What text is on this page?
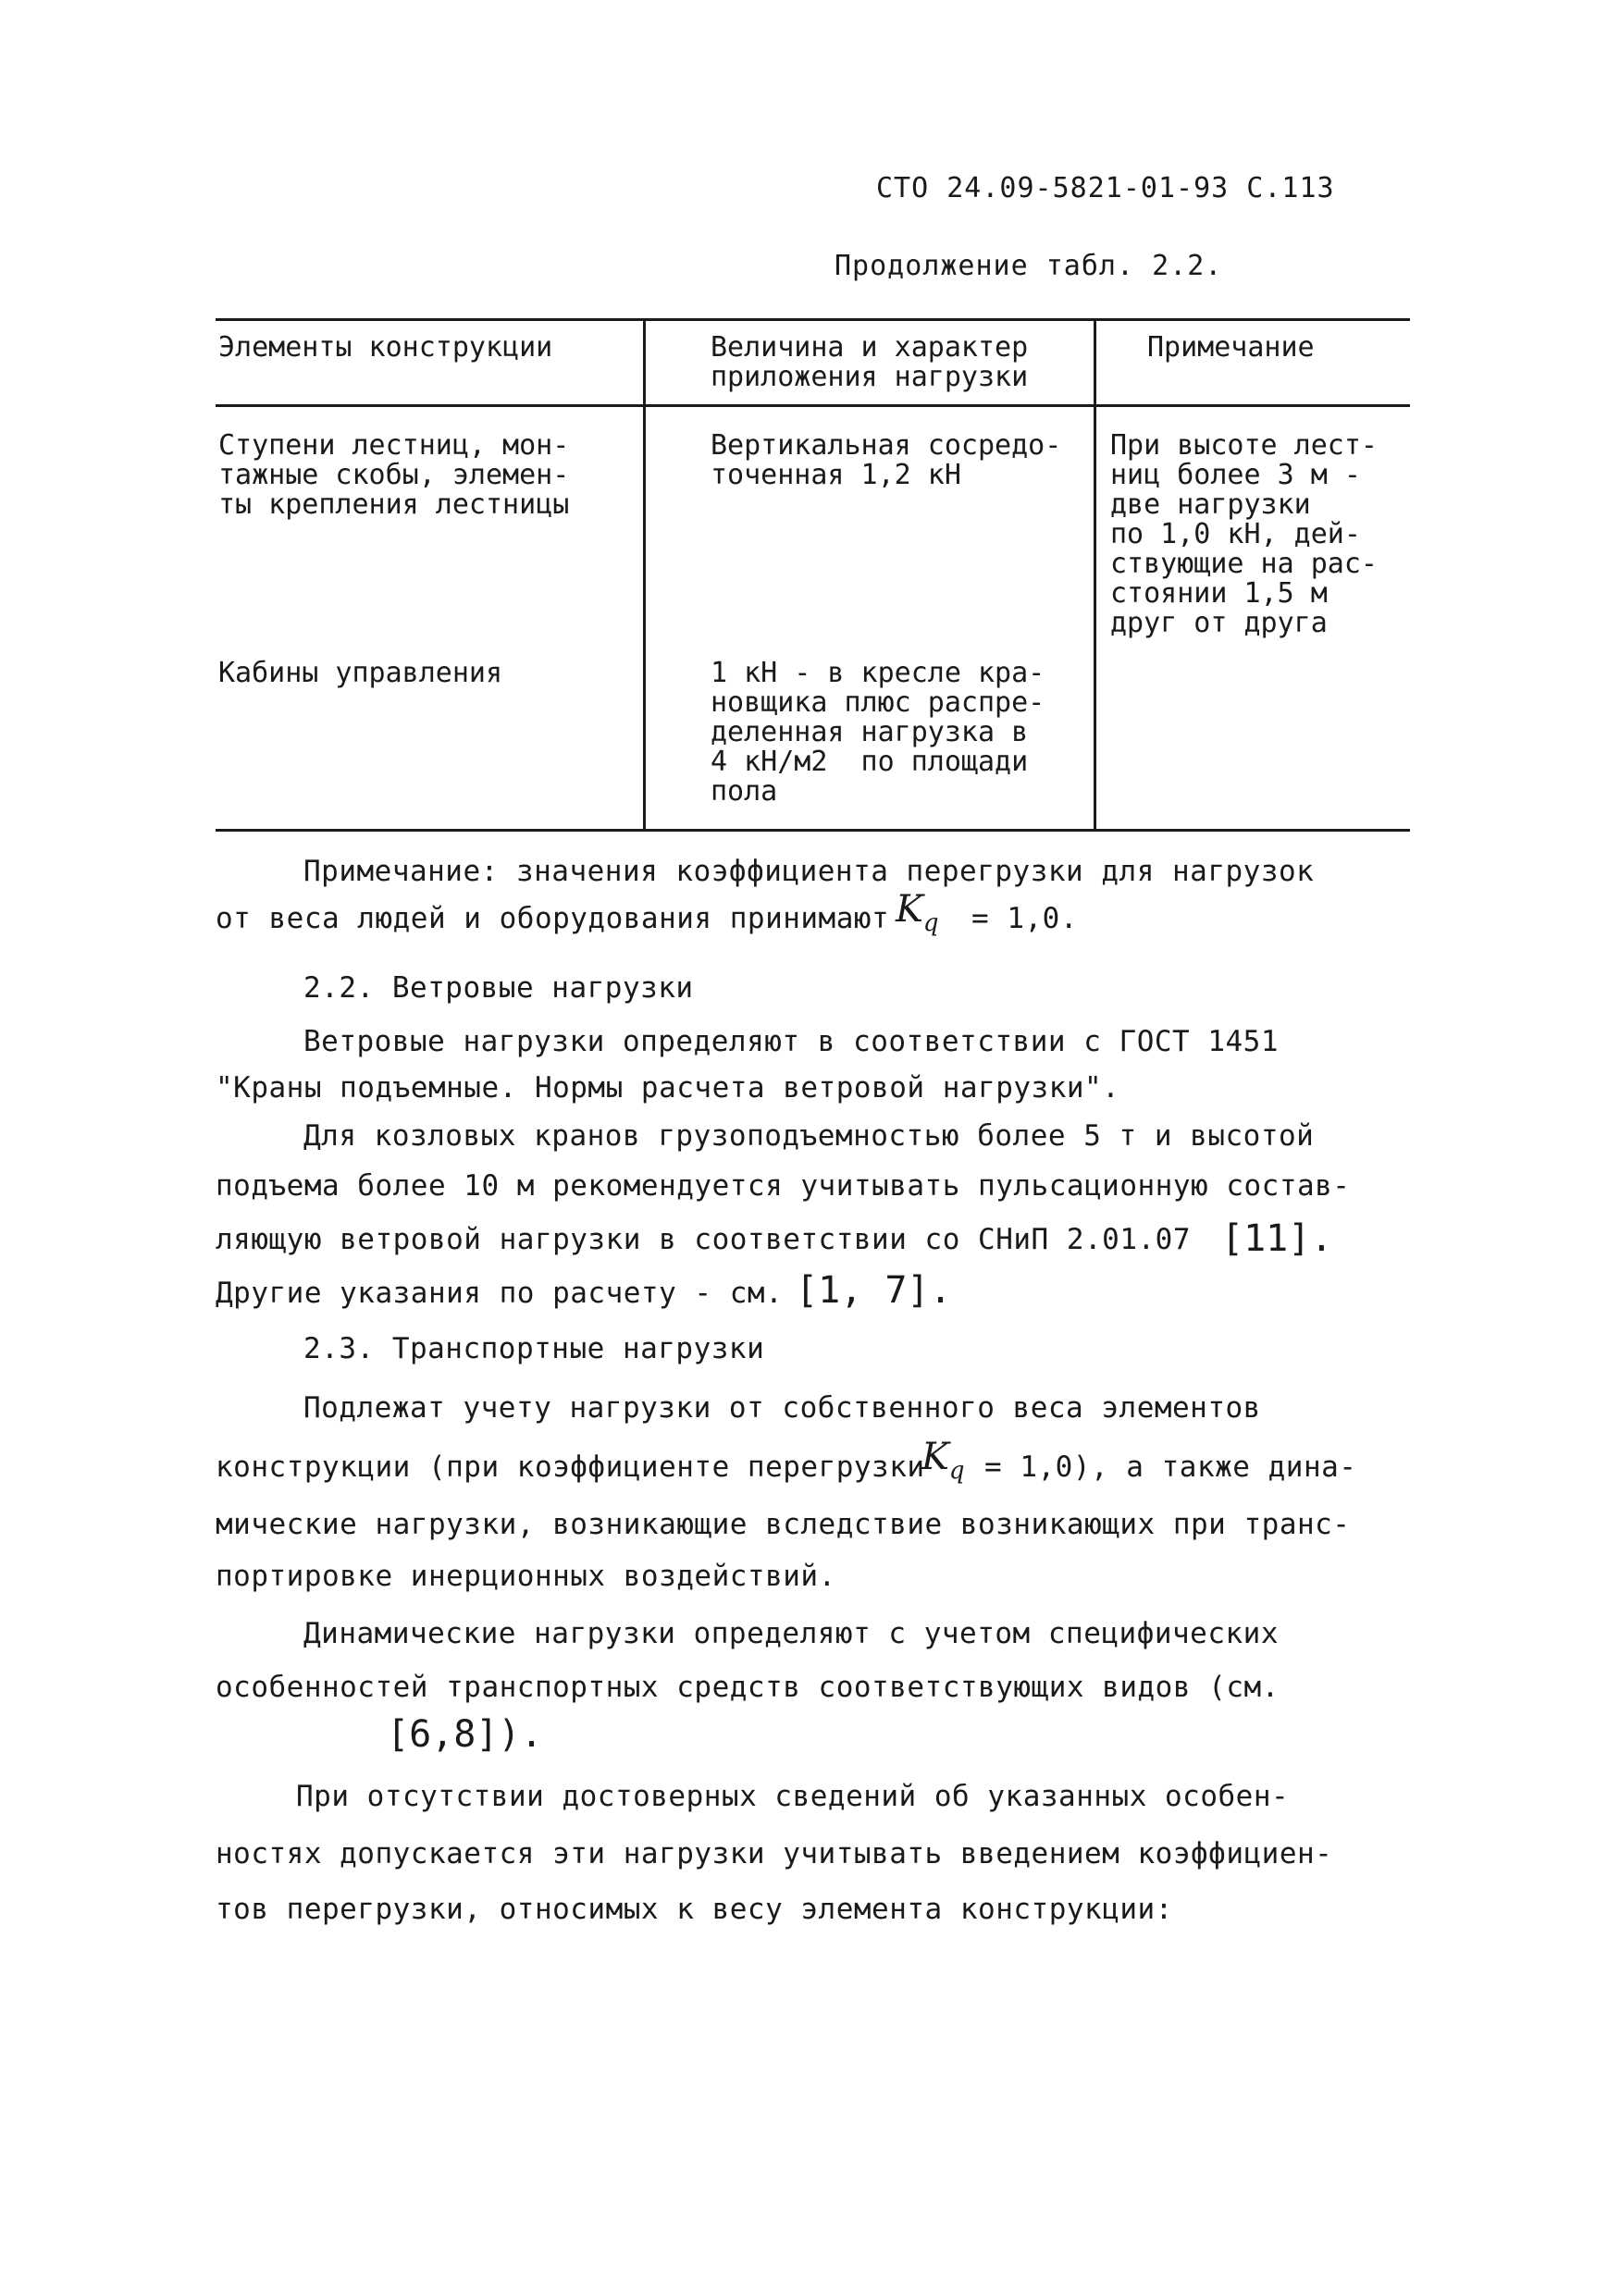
СТО 24.09-5821-01-93 С.113
Продолжение табл. 2.2.
Элементы конструкции	Величина и характер
приложения нагрузки
Примечание
Ступени лестниц, мон-
тажные скобы, элемен-
ты крепления лестницы
Вертикальная сосредо-
точенная 1,2 кН
При высоте лест-
ниц более 3 м -
две нагрузки
по 1,0 кН, дей-
ствующие на рас-
стоянии 1,5 м
друг от друга
Кабины управления	1 кН - в кресле кра-
новщика плюс распре-
деленная нагрузка в
4 кН/м2  по площади
пола
Примечание: значения коэффициента перегрузки для нагрузок
от веса людей и оборудования принимают Kq = 1,0.
2.2. Ветровые нагрузки
Ветровые нагрузки определяют в соответствии с ГОСТ 1451
"Краны подъемные. Нормы расчета ветровой нагрузки".
Для козловых кранов грузоподъемностью более 5 т и высотой
подъема более 10 м рекомендуется учитывать пульсационную состав-
ляющую ветровой нагрузки в соответствии со СНиП 2.01.07 [11].
Другие указания по расчету - см. [1, 7].
2.3. Транспортные нагрузки
Подлежат учету нагрузки от собственного веса элементов
конструкции (при коэффициенте перегрузки
Kq = 1,0), а также дина-
мические нагрузки, возникающие вследствие возникающих при транс-
портировке инерционных воздействий.
Динамические нагрузки определяют с учетом специфических
особенностей транспортных средств соответствующих видов (см.
[6,8]).
При отсутствии достоверных сведений об указанных особен-
ностях допускается эти нагрузки учитывать введением коэффициен-
тов перегрузки, относимых к весу элемента конструкции:
